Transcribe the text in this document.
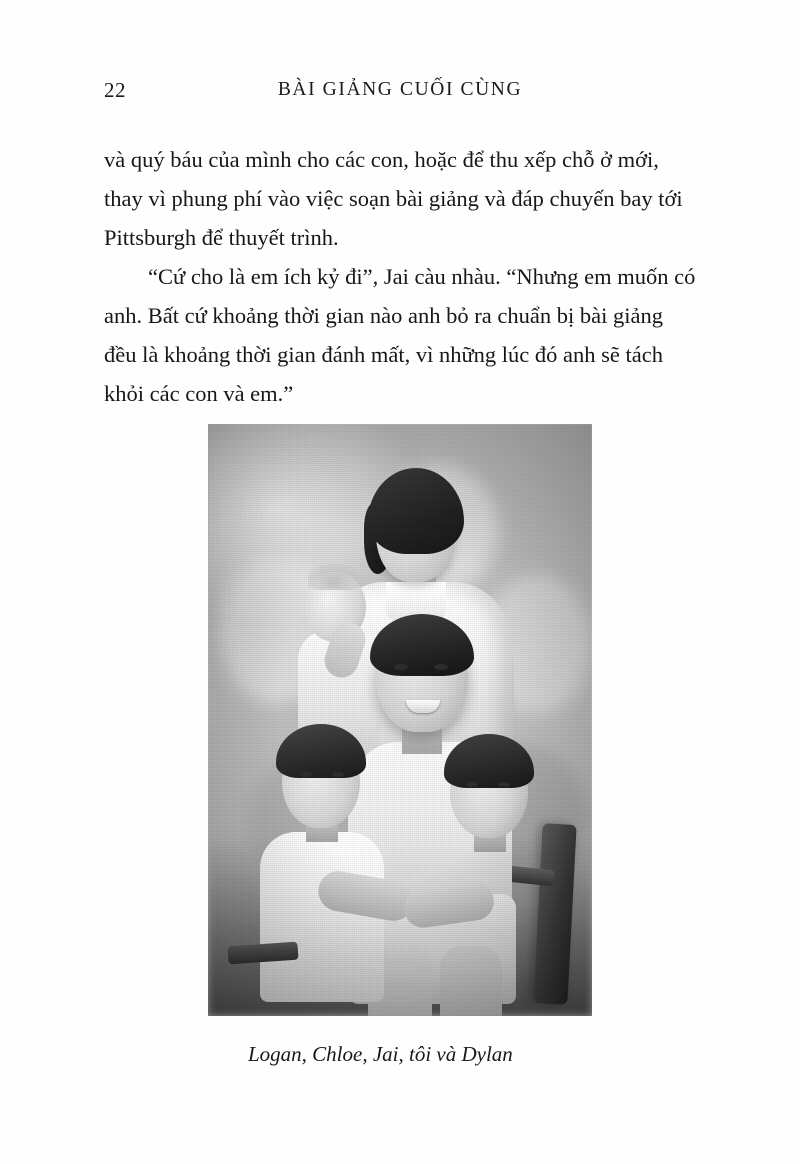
22	BÀI GIẢNG CUỐI CÙNG

và quý báu của mình cho các con, hoặc để thu xếp chỗ ở mới, thay vì phung phí vào việc soạn bài giảng và đáp chuyến bay tới Pittsburgh để thuyết trình.

“Cứ cho là em ích kỷ đi”, Jai càu nhàu. “Nhưng em muốn có anh. Bất cứ khoảng thời gian nào anh bỏ ra chuẩn bị bài giảng đều là khoảng thời gian đánh mất, vì những lúc đó anh sẽ tách khỏi các con và em.”

Logan, Chloe, Jai, tôi và Dylan
